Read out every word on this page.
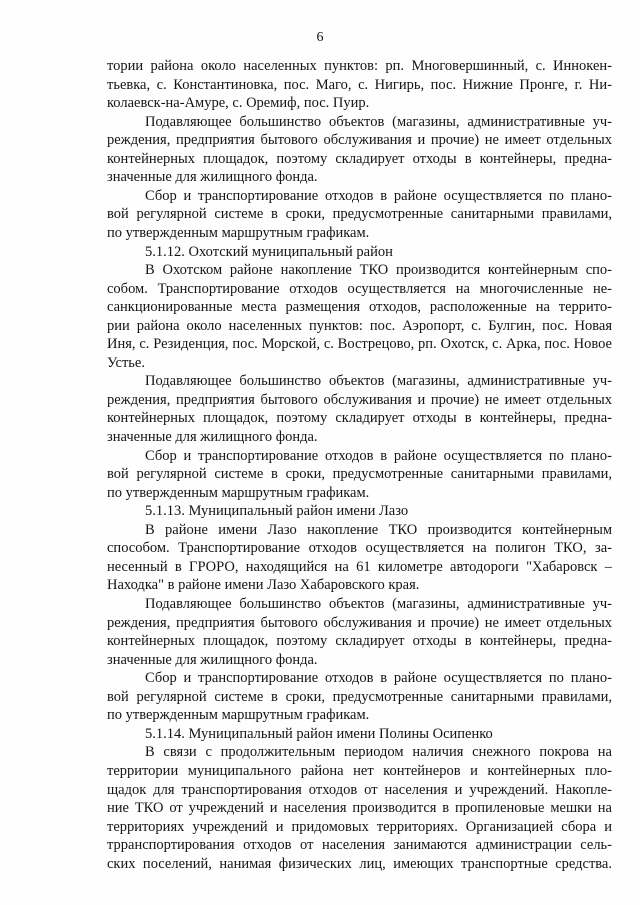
6
тории района около населенных пунктов: рп. Многовершинный, с. Иннокен-
тьевка, с. Константиновка, пос. Маго, с. Нигирь, пос. Нижние Пронге, г. Ни-
колаевск-на-Амуре, с. Оремиф, пос. Пуир.
Подавляющее большинство объектов (магазины, административные уч-
реждения, предприятия бытового обслуживания и прочие) не имеет отдельных
контейнерных площадок, поэтому складирует отходы в контейнеры, предна-
значенные для жилищного фонда.
Сбор и транспортирование отходов в районе осуществляется по плано-
вой регулярной системе в сроки, предусмотренные санитарными правилами,
по утвержденным маршрутным графикам.
5.1.12. Охотский муниципальный район
В Охотском районе накопление ТКО производится контейнерным спо-
собом. Транспортирование отходов осуществляется на многочисленные не-
санкционированные места размещения отходов, расположенные на террито-
рии района около населенных пунктов: пос. Аэропорт, с. Булгин, пос. Новая
Иня, с. Резиденция, пос. Морской, с. Вострецово, рп. Охотск, с. Арка, пос. Новое
Устье.
Подавляющее большинство объектов (магазины, административные уч-
реждения, предприятия бытового обслуживания и прочие) не имеет отдельных
контейнерных площадок, поэтому складирует отходы в контейнеры, предна-
значенные для жилищного фонда.
Сбор и транспортирование отходов в районе осуществляется по плано-
вой регулярной системе в сроки, предусмотренные санитарными правилами,
по утвержденным маршрутным графикам.
5.1.13. Муниципальный район имени Лазо
В районе имени Лазо накопление ТКО производится контейнерным
способом. Транспортирование отходов осуществляется на полигон ТКО, за-
несенный в ГРОРО, находящийся на 61 километре автодороги "Хабаровск –
Находка" в районе имени Лазо Хабаровского края.
Подавляющее большинство объектов (магазины, административные уч-
реждения, предприятия бытового обслуживания и прочие) не имеет отдельных
контейнерных площадок, поэтому складирует отходы в контейнеры, предна-
значенные для жилищного фонда.
Сбор и транспортирование отходов в районе осуществляется по плано-
вой регулярной системе в сроки, предусмотренные санитарными правилами,
по утвержденным маршрутным графикам.
5.1.14. Муниципальный район имени Полины Осипенко
В связи с продолжительным периодом наличия снежного покрова на
территории муниципального района нет контейнеров и контейнерных пло-
щадок для транспортирования отходов от населения и учреждений. Накопле-
ние ТКО от учреждений и населения производится в пропиленовые мешки на
территориях учреждений и придомовых территориях. Организацией сбора и
трранспортирования отходов от населения занимаются администрации сель-
ских поселений, нанимая физических лиц, имеющих транспортные средства.
